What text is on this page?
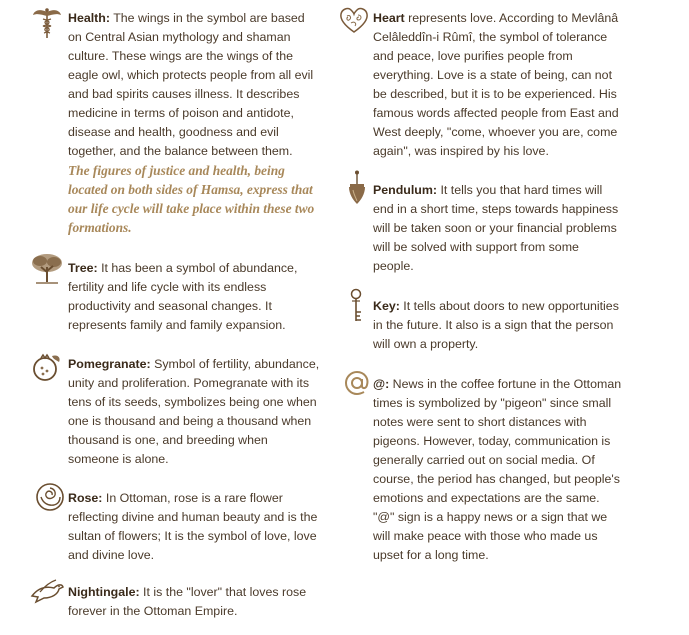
Health: The wings in the symbol are based
on Central Asian mythology and shaman
culture. These wings are the wings of the
eagle owl, which protects people from all evil
and bad spirits causes illness. It describes
medicine in terms of poison and antidote,
disease and health, goodness and evil
together, and the balance between them.
The figures of justice and health, being
located on both sides of Hamsa, express that
our life cycle will take place within these two
formations.
Tree: It has been a symbol of abundance,
fertility and life cycle with its endless
productivity and seasonal changes. It
represents family and family expansion.
Pomegranate: Symbol of fertility, abundance,
unity and proliferation. Pomegranate with its
tens of its seeds, symbolizes being one when
one is thousand and being a thousand when
thousand is one, and breeding when
someone is alone.
Rose: In Ottoman, rose is a rare flower
reflecting divine and human beauty and is the
sultan of flowers; It is the symbol of love, love
and divine love.
Nightingale: It is the "lover" that loves rose
forever in the Ottoman Empire.
Heart represents love. According to Mevlânâ
Celâleddîn-i Rûmî, the symbol of tolerance
and peace, love purifies people from
everything. Love is a state of being, can not
be described, but it is to be experienced. His
famous words affected people from East and
West deeply, "come, whoever you are, come
again", was inspired by his love.
Pendulum: It tells you that hard times will
end in a short time, steps towards happiness
will be taken soon or your financial problems
will be solved with support from some
people.
Key: It tells about doors to new opportunities
in the future. It also is a sign that the person
will own a property.
@: News in the coffee fortune in the Ottoman
times is symbolized by "pigeon" since small
notes were sent to short distances with
pigeons. However, today, communication is
generally carried out on social media. Of
course, the period has changed, but people's
emotions and expectations are the same.
"@" sign is a happy news or a sign that we
will make peace with those who made us
upset for a long time.
